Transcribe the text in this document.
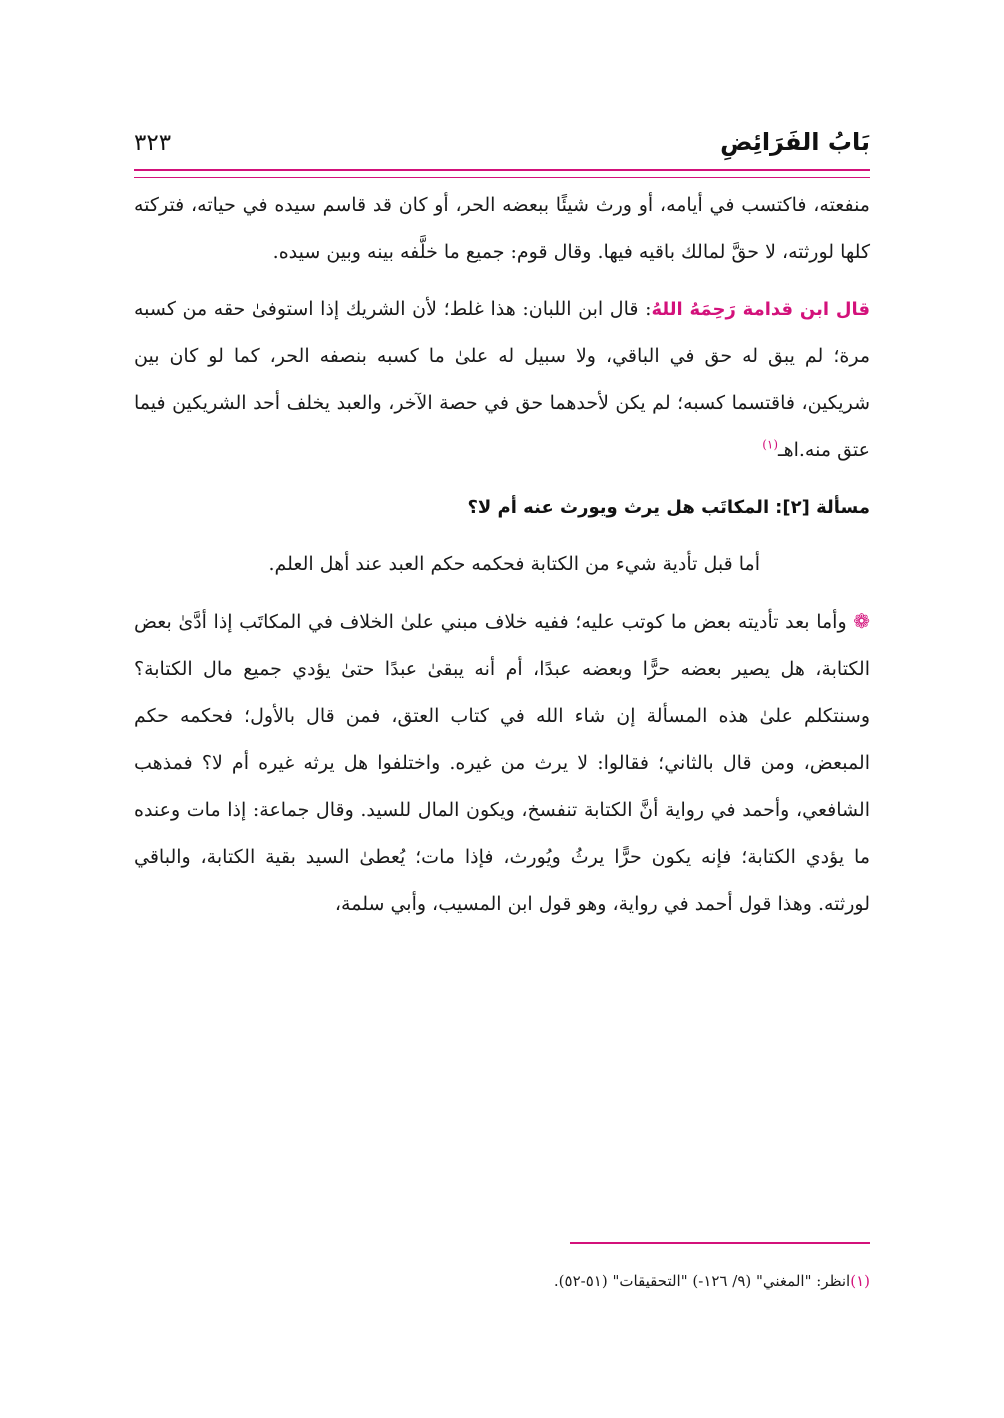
بَابُ الفَرَائِضِ
٣٢٣

منفعته، فاكتسب في أيامه، أو ورث شيئًا ببعضه الحر، أو كان قد قاسم سيده في حياته، فتركته كلها لورثته، لا حقَّ لمالك باقيه فيها. وقال قوم: جميع ما خلَّفه بينه وبين سيده.

قال ابن قدامة رَحِمَهُ اللهُ: قال ابن اللبان: هذا غلط؛ لأن الشريك إذا استوفىٰ حقه من كسبه مرة؛ لم يبق له حق في الباقي، ولا سبيل له علىٰ ما كسبه بنصفه الحر، كما لو كان بين شريكين، فاقتسما كسبه؛ لم يكن لأحدهما حق في حصة الآخر، والعبد يخلف أحد الشريكين فيما عتق منه.اهـ$^{(١)}$

مسألة [٢]: المكاتَب هل يرث ويورث عنه أم لا؟

أما قبل تأدية شيء من الكتابة فحكمه حكم العبد عند أهل العلم.

❁ وأما بعد تأديته بعض ما كوتب عليه؛ ففيه خلاف مبني علىٰ الخلاف في المكاتَب إذا أدَّىٰ بعض الكتابة، هل يصير بعضه حرًّا وبعضه عبدًا، أم أنه يبقىٰ عبدًا حتىٰ يؤدي جميع مال الكتابة؟ وسنتكلم علىٰ هذه المسألة إن شاء الله في كتاب العتق، فمن قال بالأول؛ فحكمه حكم المبعض، ومن قال بالثاني؛ فقالوا: لا يرث من غيره. واختلفوا هل يرثه غيره أم لا؟ فمذهب الشافعي، وأحمد في رواية أنَّ الكتابة تنفسخ، ويكون المال للسيد. وقال جماعة: إذا مات وعنده ما يؤدي الكتابة؛ فإنه يكون حرًّا يرثُ ويُورث، فإذا مات؛ يُعطىٰ السيد بقية الكتابة، والباقي لورثته. وهذا قول أحمد في رواية، وهو قول ابن المسيب، وأبي سلمة،

(١)انظر: "المغني" (٩/ ١٢٦-) "التحقيقات" (٥١-٥٢).
